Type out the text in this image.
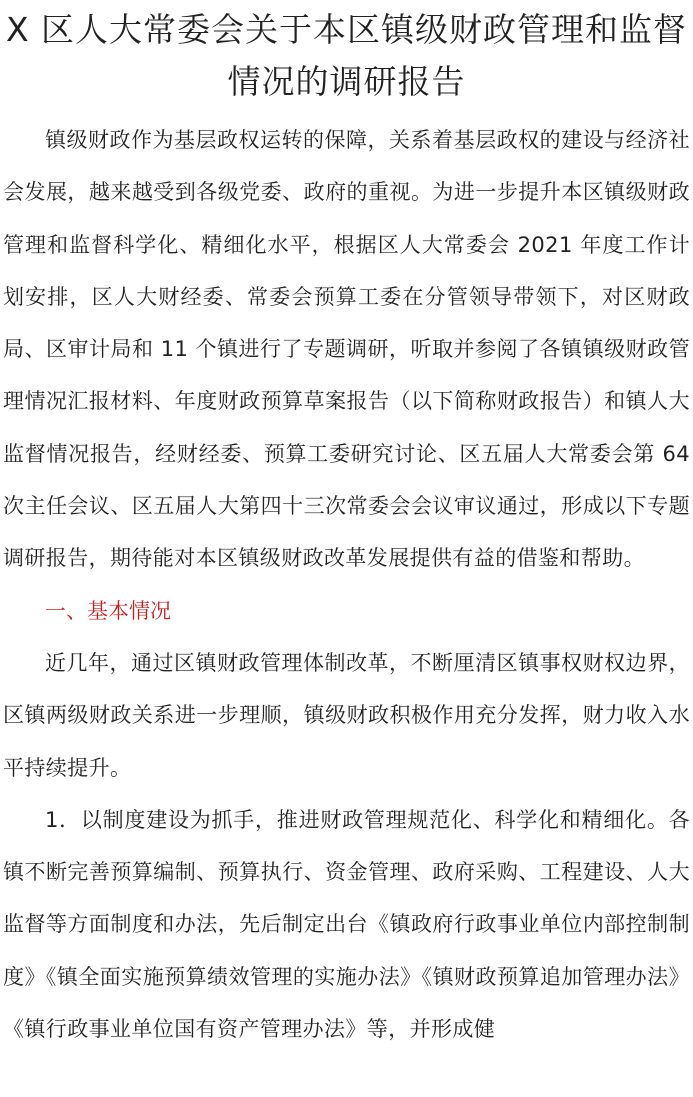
X 区人大常委会关于本区镇级财政管理和监督情况的调研报告

镇级财政作为基层政权运转的保障，关系着基层政权的建设与经济社会发展，越来越受到各级党委、政府的重视。为进一步提升本区镇级财政管理和监督科学化、精细化水平，根据区人大常委会 2021 年度工作计划安排，区人大财经委、常委会预算工委在分管领导带领下，对区财政局、区审计局和 11 个镇进行了专题调研，听取并参阅了各镇镇级财政管理情况汇报材料、年度财政预算草案报告（以下简称财政报告）和镇人大监督情况报告，经财经委、预算工委研究讨论、区五届人大常委会第 64 次主任会议、区五届人大第四十三次常委会会议审议通过，形成以下专题调研报告，期待能对本区镇级财政改革发展提供有益的借鉴和帮助。

一、基本情况

近几年，通过区镇财政管理体制改革，不断厘清区镇事权财权边界，区镇两级财政关系进一步理顺，镇级财政积极作用充分发挥，财力收入水平持续提升。

1．以制度建设为抓手，推进财政管理规范化、科学化和精细化。各镇不断完善预算编制、预算执行、资金管理、政府采购、工程建设、人大监督等方面制度和办法，先后制定出台《镇政府行政事业单位内部控制制度》《镇全面实施预算绩效管理的实施办法》《镇财政预算追加管理办法》《镇行政事业单位国有资产管理办法》等，并形成健
